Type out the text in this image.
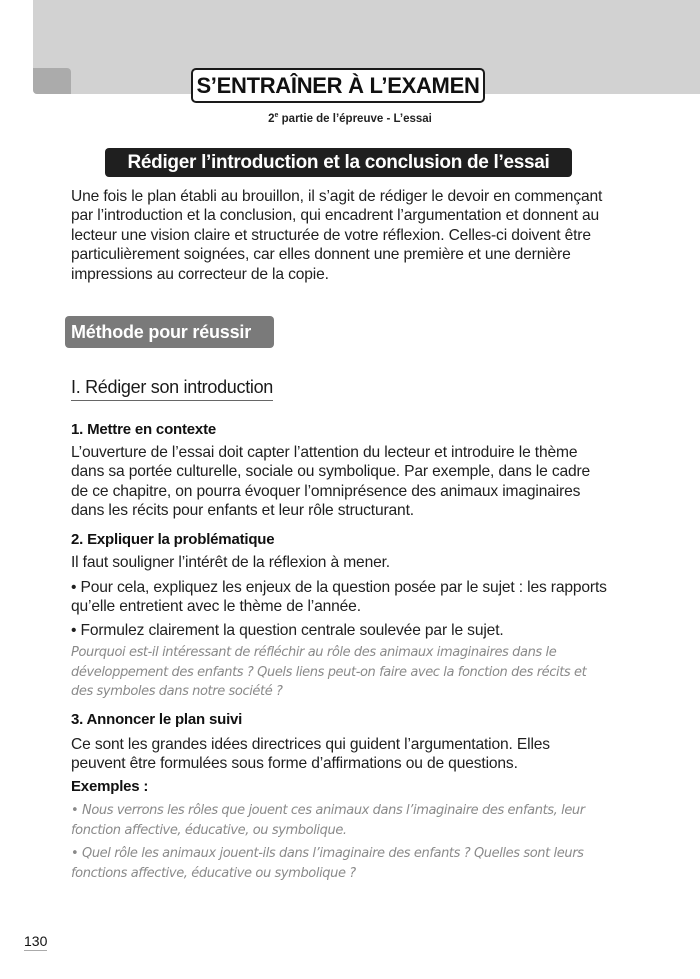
S’ENTRAÎNER À L’EXAMEN
2e partie de l’épreuve - L’essai
Rédiger l’introduction et la conclusion de l’essai

Une fois le plan établi au brouillon, il s’agit de rédiger le devoir en commençant par l’introduction et la conclusion, qui encadrent l’argumentation et donnent au lecteur une vision claire et structurée de votre réflexion. Celles-ci doivent être particulièrement soignées, car elles donnent une première et une dernière impressions au correcteur de la copie.

Méthode pour réussir
I. Rédiger son introduction
1. Mettre en contexte

L’ouverture de l’essai doit capter l’attention du lecteur et introduire le thème dans sa portée culturelle, sociale ou symbolique. Par exemple, dans le cadre de ce chapitre, on pourra évoquer l’omniprésence des animaux imaginaires dans les récits pour enfants et leur rôle structurant.

2. Expliquer la problématique

Il faut souligner l’intérêt de la réflexion à mener.

• Pour cela, expliquez les enjeux de la question posée par le sujet : les rapports qu’elle entretient avec le thème de l’année.

• Formulez clairement la question centrale soulevée par le sujet.

Pourquoi est-il intéressant de réfléchir au rôle des animaux imaginaires dans le développement des enfants ? Quels liens peut-on faire avec la fonction des récits et des symboles dans notre société ?

3. Annoncer le plan suivi

Ce sont les grandes idées directrices qui guident l’argumentation. Elles peuvent être formulées sous forme d’affirmations ou de questions.

Exemples :

• Nous verrons les rôles que jouent ces animaux dans l’imaginaire des enfants, leur fonction affective, éducative, ou symbolique.

• Quel rôle les animaux jouent-ils dans l’imaginaire des enfants ? Quelles sont leurs fonctions affective, éducative ou symbolique ?

130
